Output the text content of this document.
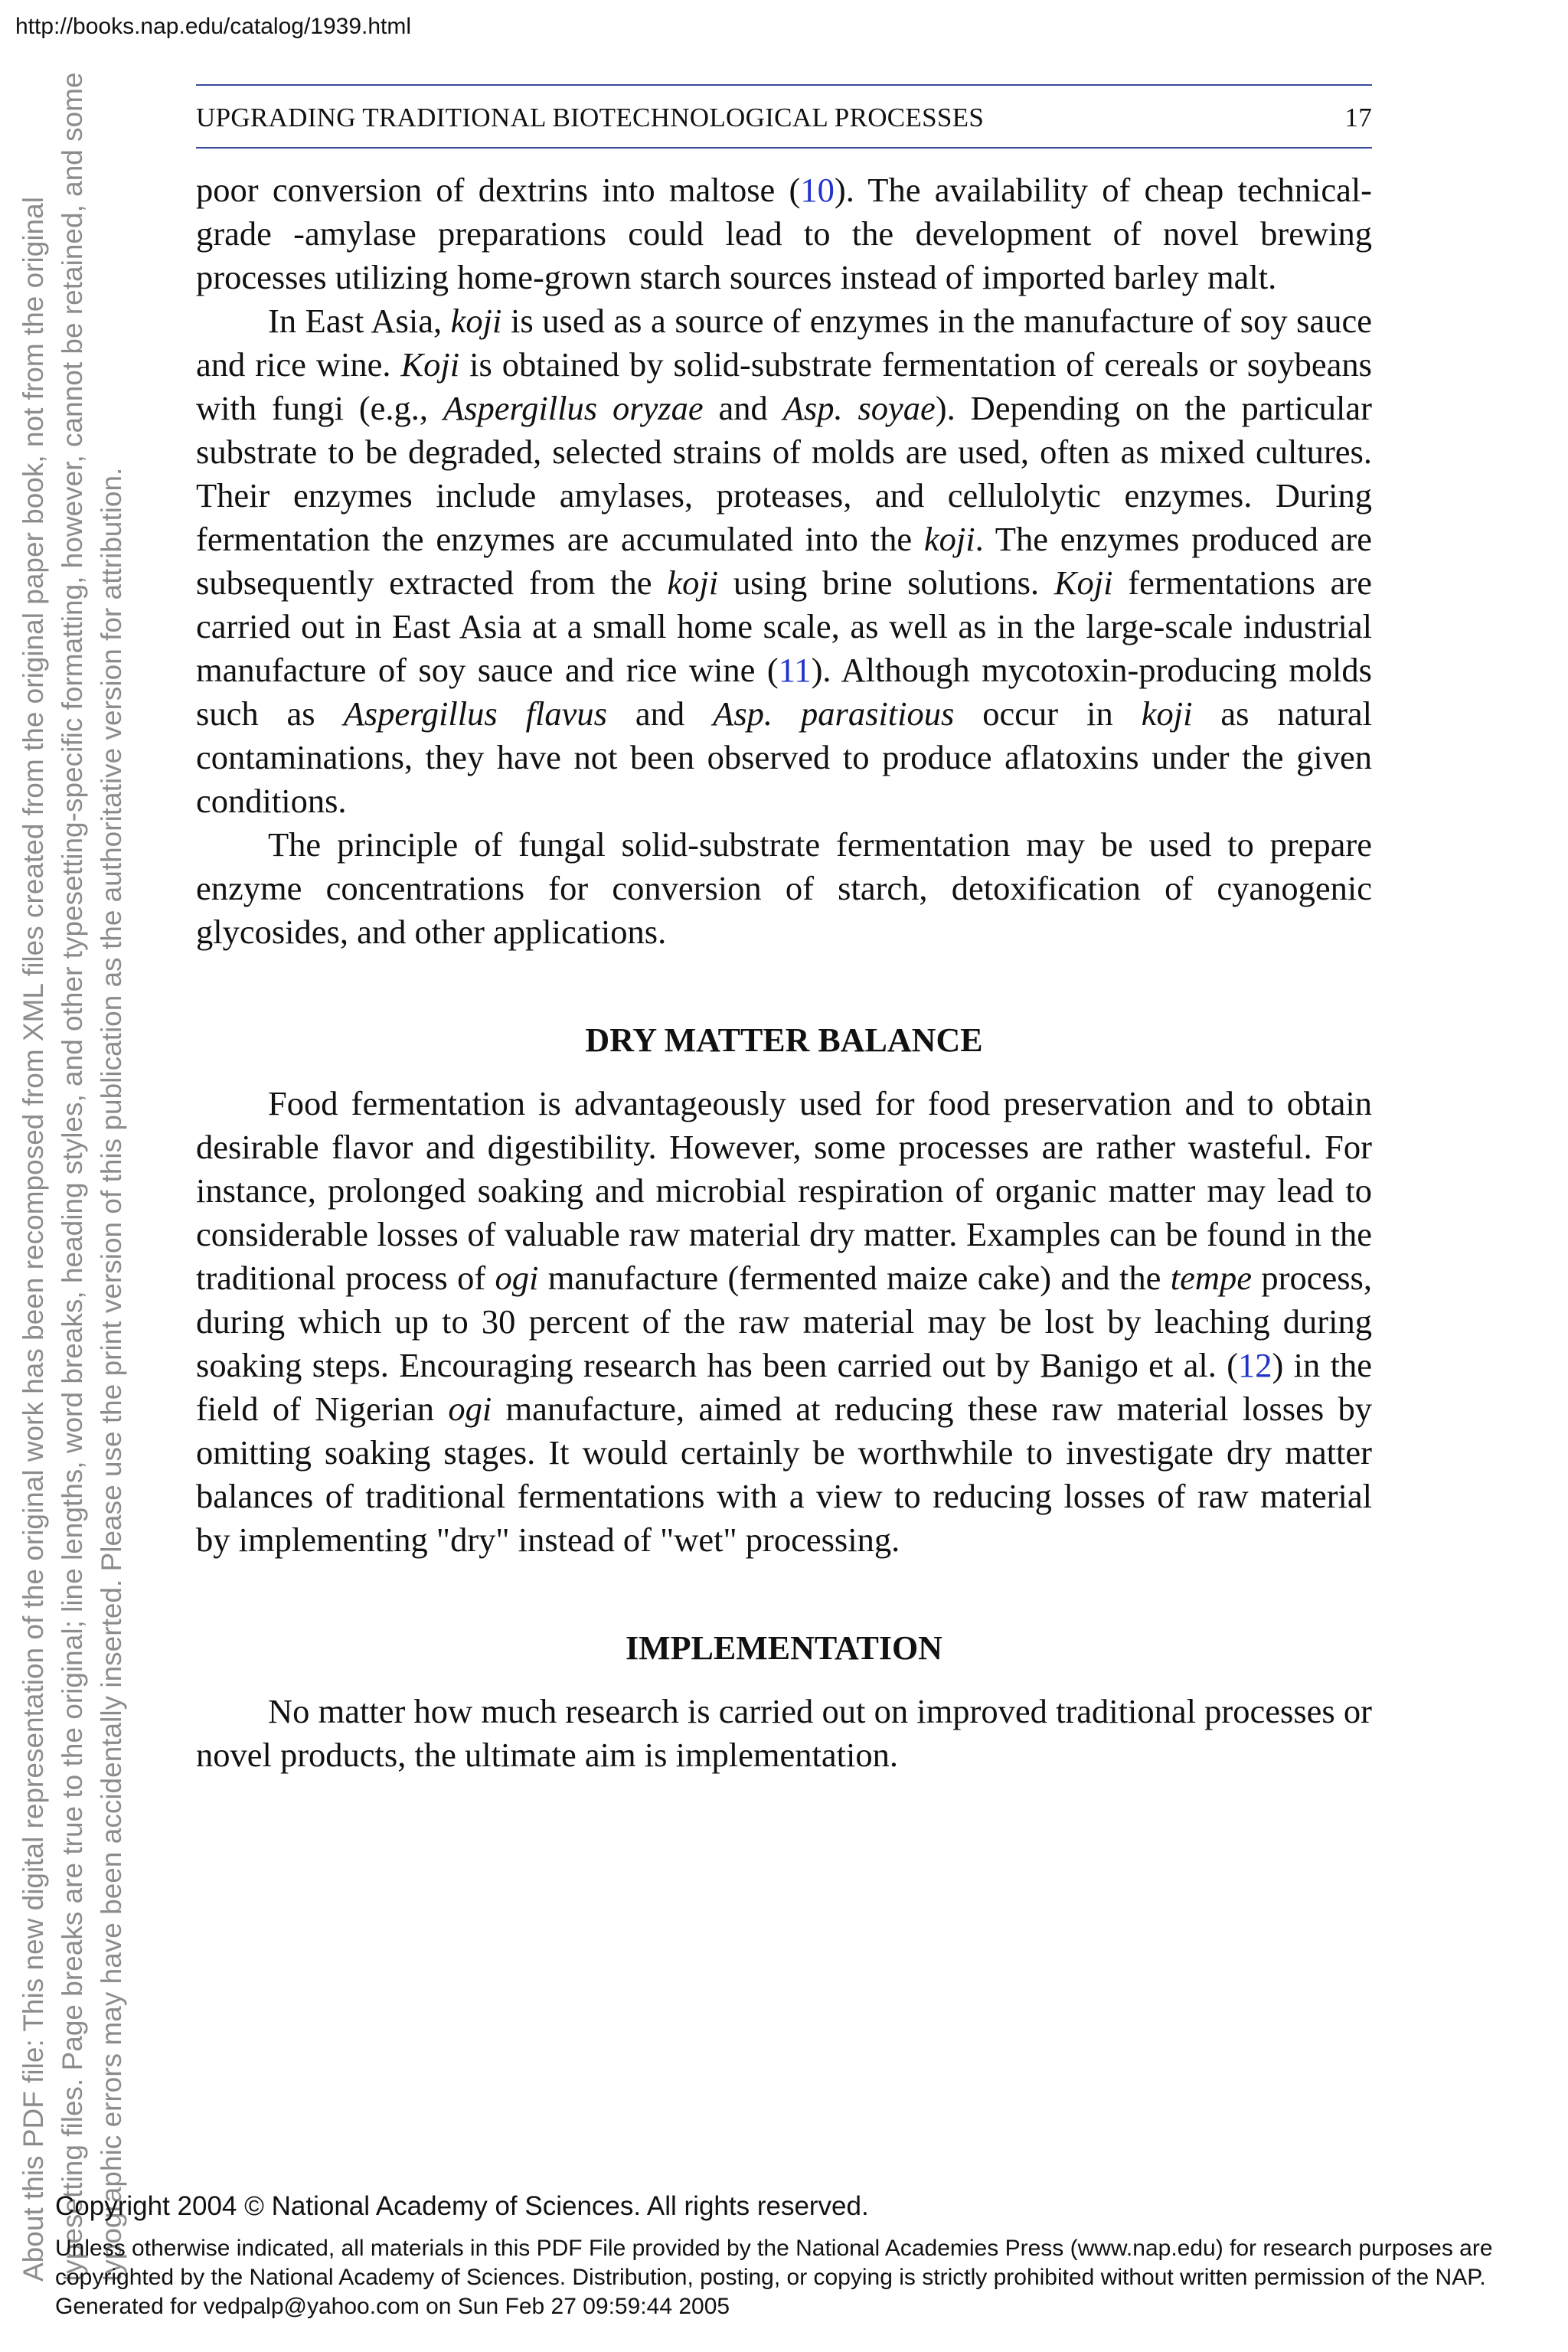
http://books.nap.edu/catalog/1939.html
About this PDF file: This new digital representation of the original work has been recomposed from XML files created from the original paper book, not from the original typesetting files. Page breaks are true to the original; line lengths, word breaks, heading styles, and other typesetting-specific formatting, however, cannot be retained, and some typographic errors may have been accidentally inserted. Please use the print version of this publication as the authoritative version for attribution.
UPGRADING TRADITIONAL BIOTECHNOLOGICAL PROCESSES	17

poor conversion of dextrins into maltose (10). The availability of cheap technical-grade -amylase preparations could lead to the development of novel brewing processes utilizing home-grown starch sources instead of imported barley malt.

In East Asia, koji is used as a source of enzymes in the manufacture of soy sauce and rice wine. Koji is obtained by solid-substrate fermentation of cereals or soybeans with fungi (e.g., Aspergillus oryzae and Asp. soyae). Depending on the particular substrate to be degraded, selected strains of molds are used, often as mixed cultures. Their enzymes include amylases, proteases, and cellulolytic enzymes. During fermentation the enzymes are accumulated into the koji. The enzymes produced are subsequently extracted from the koji using brine solutions. Koji fermentations are carried out in East Asia at a small home scale, as well as in the large-scale industrial manufacture of soy sauce and rice wine (11). Although mycotoxin-producing molds such as Aspergillus flavus and Asp. parasitious occur in koji as natural contaminations, they have not been observed to produce aflatoxins under the given conditions.

The principle of fungal solid-substrate fermentation may be used to prepare enzyme concentrations for conversion of starch, detoxification of cyanogenic glycosides, and other applications.

DRY MATTER BALANCE

Food fermentation is advantageously used for food preservation and to obtain desirable flavor and digestibility. However, some processes are rather wasteful. For instance, prolonged soaking and microbial respiration of organic matter may lead to considerable losses of valuable raw material dry matter. Examples can be found in the traditional process of ogi manufacture (fermented maize cake) and the tempe process, during which up to 30 percent of the raw material may be lost by leaching during soaking steps. Encouraging research has been carried out by Banigo et al. (12) in the field of Nigerian ogi manufacture, aimed at reducing these raw material losses by omitting soaking stages. It would certainly be worthwhile to investigate dry matter balances of traditional fermentations with a view to reducing losses of raw material by implementing "dry" instead of "wet" processing.

IMPLEMENTATION

No matter how much research is carried out on improved traditional processes or novel products, the ultimate aim is implementation.

Copyright 2004 © National Academy of Sciences. All rights reserved.
Unless otherwise indicated, all materials in this PDF File provided by the National Academies Press (www.nap.edu) for research purposes are copyrighted by the National Academy of Sciences. Distribution, posting, or copying is strictly prohibited without written permission of the NAP.
Generated for vedpalp@yahoo.com on Sun Feb 27 09:59:44 2005
